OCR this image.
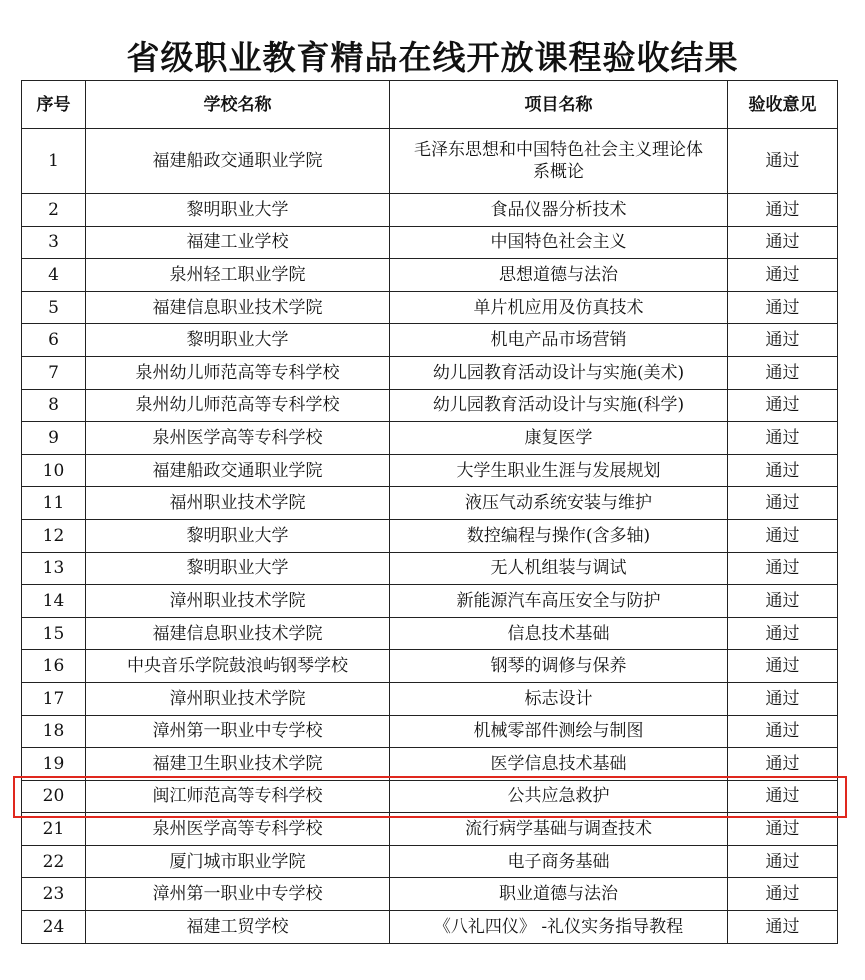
省级职业教育精品在线开放课程验收结果
序号	学校名称	项目名称	验收意见
1	福建船政交通职业学院	毛泽东思想和中国特色社会主义理论体系概论	通过
2	黎明职业大学	食品仪器分析技术	通过
3	福建工业学校	中国特色社会主义	通过
4	泉州轻工职业学院	思想道德与法治	通过
5	福建信息职业技术学院	单片机应用及仿真技术	通过
6	黎明职业大学	机电产品市场营销	通过
7	泉州幼儿师范高等专科学校	幼儿园教育活动设计与实施(美术)	通过
8	泉州幼儿师范高等专科学校	幼儿园教育活动设计与实施(科学)	通过
9	泉州医学高等专科学校	康复医学	通过
10	福建船政交通职业学院	大学生职业生涯与发展规划	通过
11	福州职业技术学院	液压气动系统安装与维护	通过
12	黎明职业大学	数控编程与操作(含多轴)	通过
13	黎明职业大学	无人机组装与调试	通过
14	漳州职业技术学院	新能源汽车高压安全与防护	通过
15	福建信息职业技术学院	信息技术基础	通过
16	中央音乐学院鼓浪屿钢琴学校	钢琴的调修与保养	通过
17	漳州职业技术学院	标志设计	通过
18	漳州第一职业中专学校	机械零部件测绘与制图	通过
19	福建卫生职业技术学院	医学信息技术基础	通过
20	闽江师范高等专科学校	公共应急救护	通过
21	泉州医学高等专科学校	流行病学基础与调查技术	通过
22	厦门城市职业学院	电子商务基础	通过
23	漳州第一职业中专学校	职业道德与法治	通过
24	福建工贸学校	《八礼四仪》 -礼仪实务指导教程	通过
